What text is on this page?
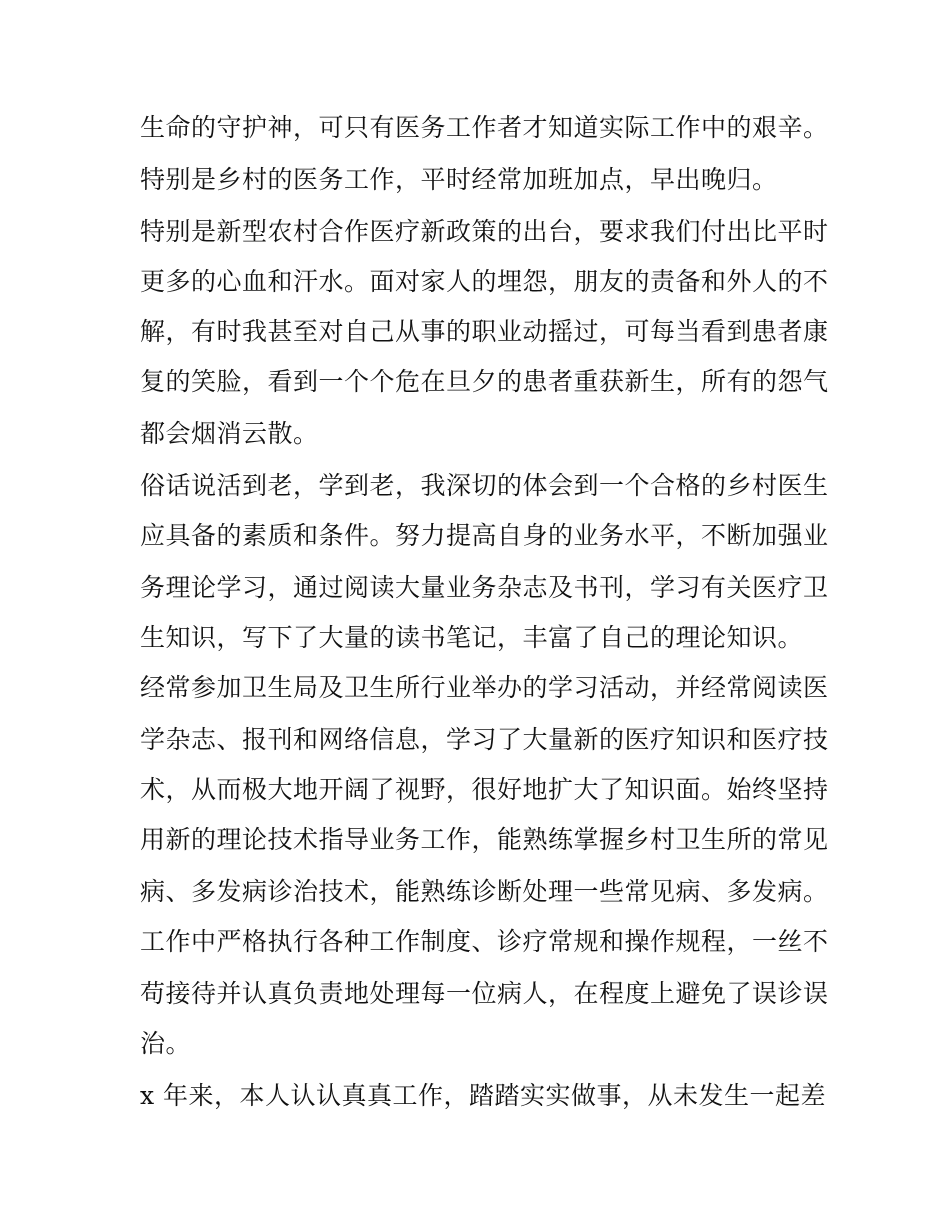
生命的守护神，可只有医务工作者才知道实际工作中的艰辛。
特别是乡村的医务工作，平时经常加班加点，早出晚归。
特别是新型农村合作医疗新政策的出台，要求我们付出比平时
更多的心血和汗水。面对家人的埋怨，朋友的责备和外人的不
解，有时我甚至对自己从事的职业动摇过，可每当看到患者康
复的笑脸，看到一个个危在旦夕的患者重获新生，所有的怨气
都会烟消云散。
俗话说活到老，学到老，我深切的体会到一个合格的乡村医生
应具备的素质和条件。努力提高自身的业务水平，不断加强业
务理论学习，通过阅读大量业务杂志及书刊，学习有关医疗卫
生知识，写下了大量的读书笔记，丰富了自己的理论知识。
经常参加卫生局及卫生所行业举办的学习活动，并经常阅读医
学杂志、报刊和网络信息，学习了大量新的医疗知识和医疗技
术，从而极大地开阔了视野，很好地扩大了知识面。始终坚持
用新的理论技术指导业务工作，能熟练掌握乡村卫生所的常见
病、多发病诊治技术，能熟练诊断处理一些常见病、多发病。
工作中严格执行各种工作制度、诊疗常规和操作规程，一丝不
苟接待并认真负责地处理每一位病人，在程度上避免了误诊误
治。
x 年来，本人认认真真工作，踏踏实实做事，从未发生一起差
